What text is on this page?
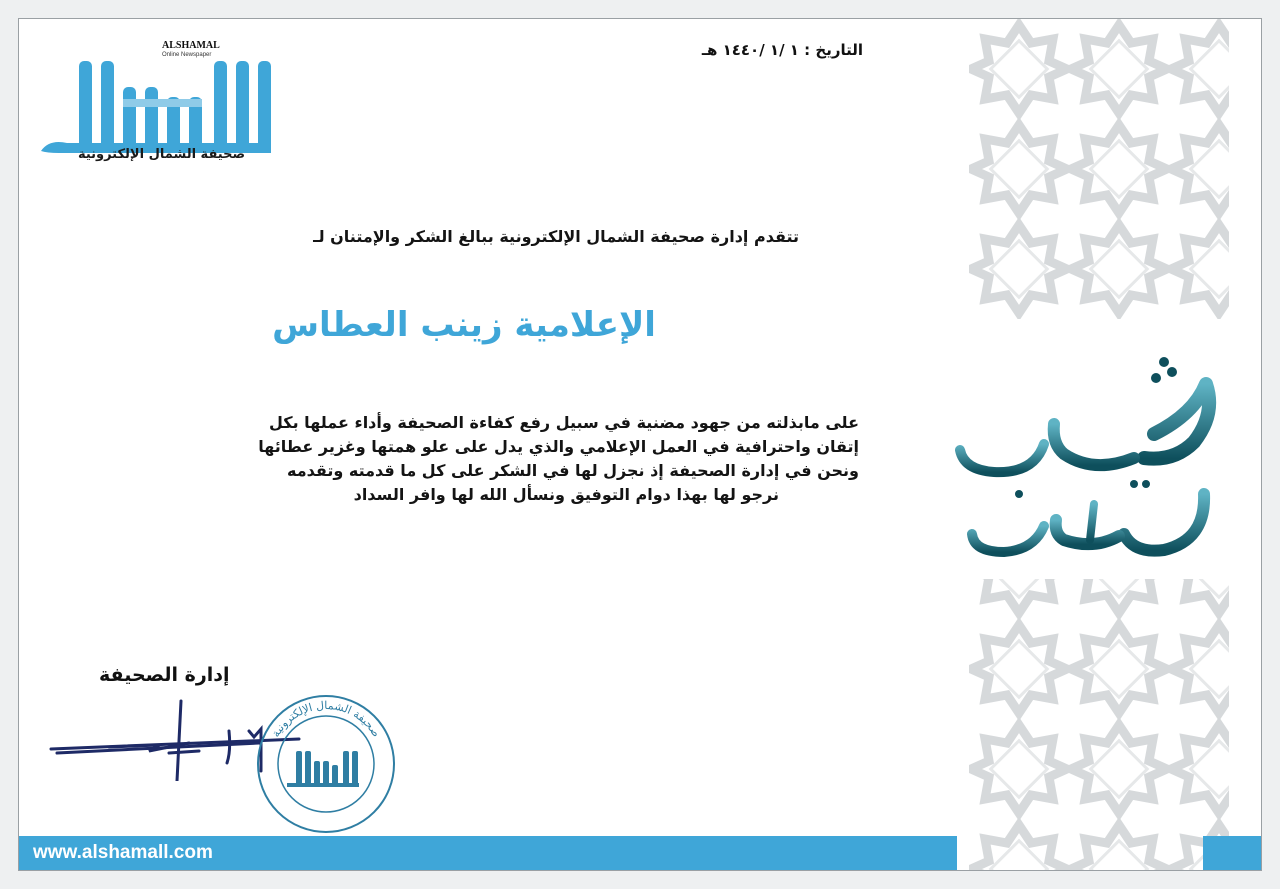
ALSHAMAL
Online Newspaper
صحيفة الشمال الإلكترونية
التاريخ : ١ /١ /١٤٤٠ هـ
تتقدم إدارة صحيفة الشمال الإلكترونية ببالغ الشكر والإمتنان لـ
الإعلامية زينب العطاس
على مابذلته من جهود مضنية في سبيل رفع كفاءة الصحيفة وأداء عملها بكل
إتقان واحترافية في العمل الإعلامي والذي يدل على علو همتها وغزير عطائها
ونحن في إدارة الصحيفة إذ نجزل لها في الشكر على كل ما قدمته وتقدمه
نرجو لها بهذا دوام التوفيق ونسأل الله لها وافر السداد
إدارة الصحيفة
صحيفة الشمال الإلكترونية
شكر وتقدير
www.alshamall.com
